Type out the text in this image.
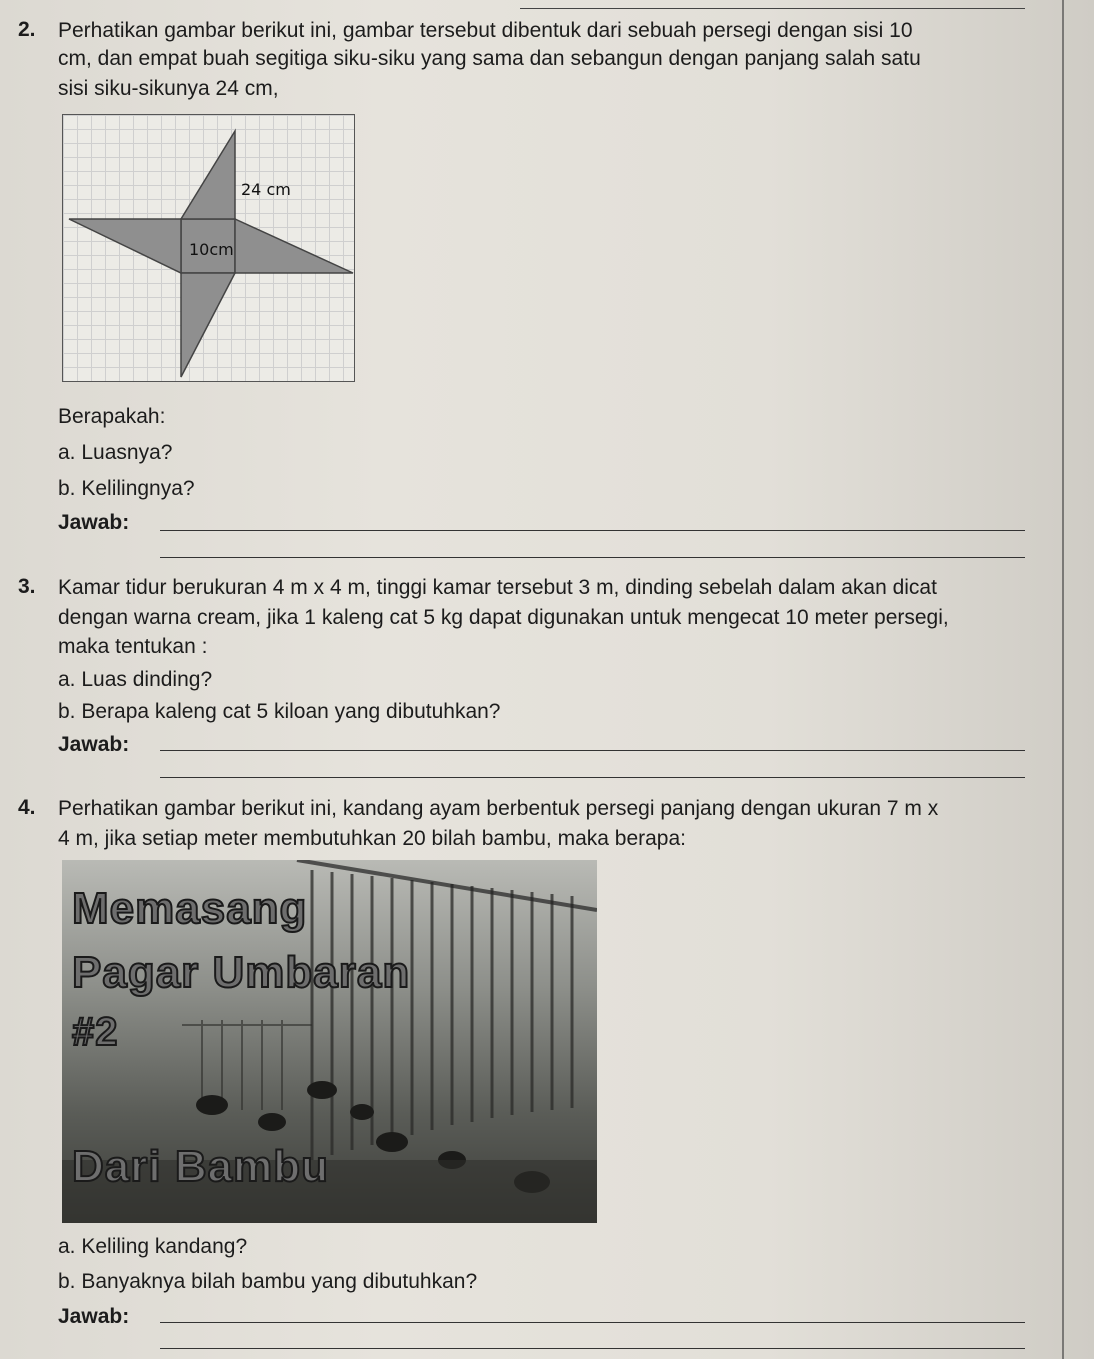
2. Perhatikan gambar berikut ini, gambar tersebut dibentuk dari sebuah persegi dengan sisi 10
cm, dan empat buah segitiga siku-siku yang sama dan sebangun dengan panjang salah satu
sisi siku-sikunya 24 cm,
24 cm
10cm
Berapakah:
a. Luasnya?
b. Kelilingnya?
Jawab:
3. Kamar tidur berukuran 4 m x 4 m, tinggi kamar tersebut 3 m, dinding sebelah dalam akan dicat
dengan warna cream, jika 1 kaleng cat 5 kg dapat digunakan untuk mengecat 10 meter persegi,
maka tentukan :
a. Luas dinding?
b. Berapa kaleng cat 5 kiloan yang dibutuhkan?
Jawab:
4. Perhatikan gambar berikut ini, kandang ayam berbentuk persegi panjang dengan ukuran 7 m x
4 m, jika setiap meter membutuhkan 20 bilah bambu, maka berapa:
Memasang
Pagar Umbaran
#2
Dari Bambu
a. Keliling kandang?
b. Banyaknya bilah bambu yang dibutuhkan?
Jawab:
